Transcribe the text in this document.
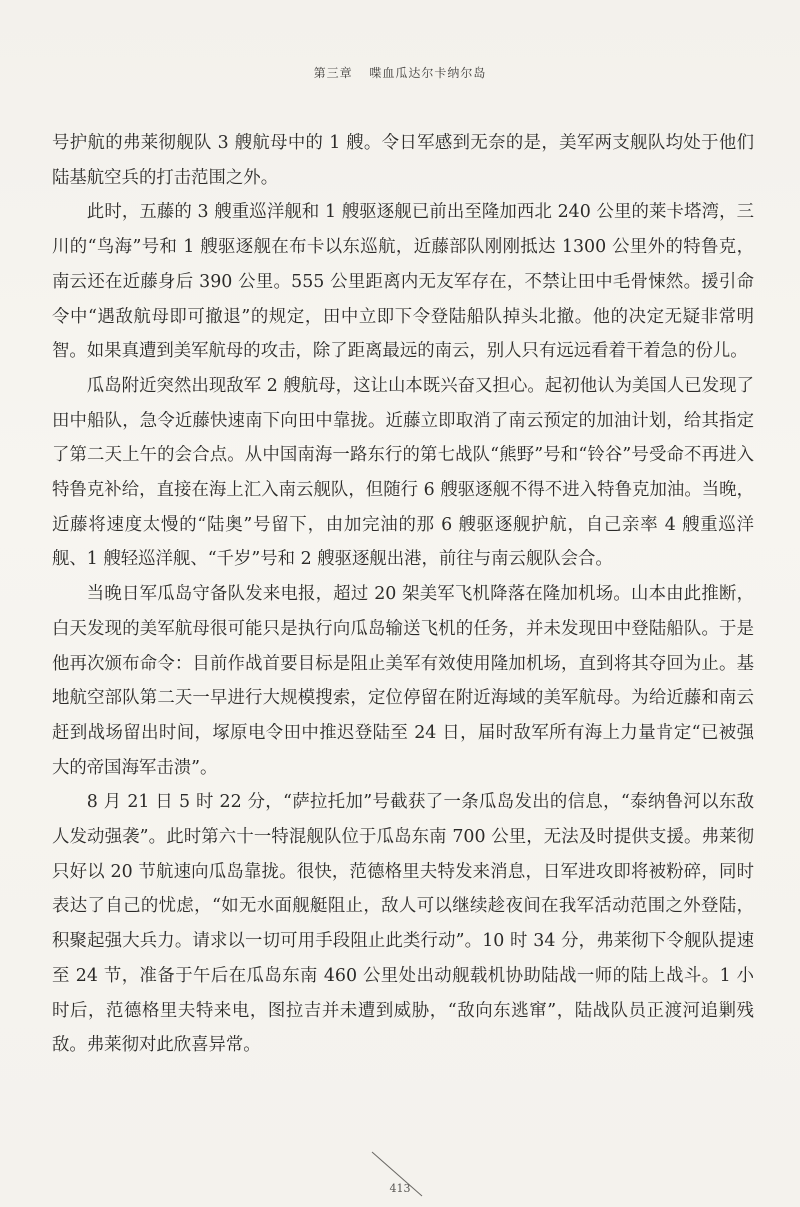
第三章 喋血瓜达尔卡纳尔岛

号护航的弗莱彻舰队 3 艘航母中的 1 艘。令日军感到无奈的是，美军两支舰队均处于他们陆基航空兵的打击范围之外。

此时，五藤的 3 艘重巡洋舰和 1 艘驱逐舰已前出至隆加西北 240 公里的莱卡塔湾，三川的“鸟海”号和 1 艘驱逐舰在布卡以东巡航，近藤部队刚刚抵达 1300 公里外的特鲁克，南云还在近藤身后 390 公里。555 公里距离内无友军存在，不禁让田中毛骨悚然。援引命令中“遇敌航母即可撤退”的规定，田中立即下令登陆船队掉头北撤。他的决定无疑非常明智。如果真遭到美军航母的攻击，除了距离最远的南云，别人只有远远看着干着急的份儿。

瓜岛附近突然出现敌军 2 艘航母，这让山本既兴奋又担心。起初他认为美国人已发现了田中船队，急令近藤快速南下向田中靠拢。近藤立即取消了南云预定的加油计划，给其指定了第二天上午的会合点。从中国南海一路东行的第七战队“熊野”号和“铃谷”号受命不再进入特鲁克补给，直接在海上汇入南云舰队，但随行 6 艘驱逐舰不得不进入特鲁克加油。当晚，近藤将速度太慢的“陆奥”号留下，由加完油的那 6 艘驱逐舰护航，自己亲率 4 艘重巡洋舰、1 艘轻巡洋舰、“千岁”号和 2 艘驱逐舰出港，前往与南云舰队会合。

当晚日军瓜岛守备队发来电报，超过 20 架美军飞机降落在隆加机场。山本由此推断，白天发现的美军航母很可能只是执行向瓜岛输送飞机的任务，并未发现田中登陆船队。于是他再次颁布命令：目前作战首要目标是阻止美军有效使用隆加机场，直到将其夺回为止。基地航空部队第二天一早进行大规模搜索，定位停留在附近海域的美军航母。为给近藤和南云赶到战场留出时间，塚原电令田中推迟登陆至 24 日，届时敌军所有海上力量肯定“已被强大的帝国海军击溃”。

8 月 21 日 5 时 22 分，“萨拉托加”号截获了一条瓜岛发出的信息，“泰纳鲁河以东敌人发动强袭”。此时第六十一特混舰队位于瓜岛东南 700 公里，无法及时提供支援。弗莱彻只好以 20 节航速向瓜岛靠拢。很快，范德格里夫特发来消息，日军进攻即将被粉碎，同时表达了自己的忧虑，“如无水面舰艇阻止，敌人可以继续趁夜间在我军活动范围之外登陆，积聚起强大兵力。请求以一切可用手段阻止此类行动”。10 时 34 分，弗莱彻下令舰队提速至 24 节，准备于午后在瓜岛东南 460 公里处出动舰载机协助陆战一师的陆上战斗。1 小时后，范德格里夫特来电，图拉吉并未遭到威胁，“敌向东逃窜”，陆战队员正渡河追剿残敌。弗莱彻对此欣喜异常。

413
